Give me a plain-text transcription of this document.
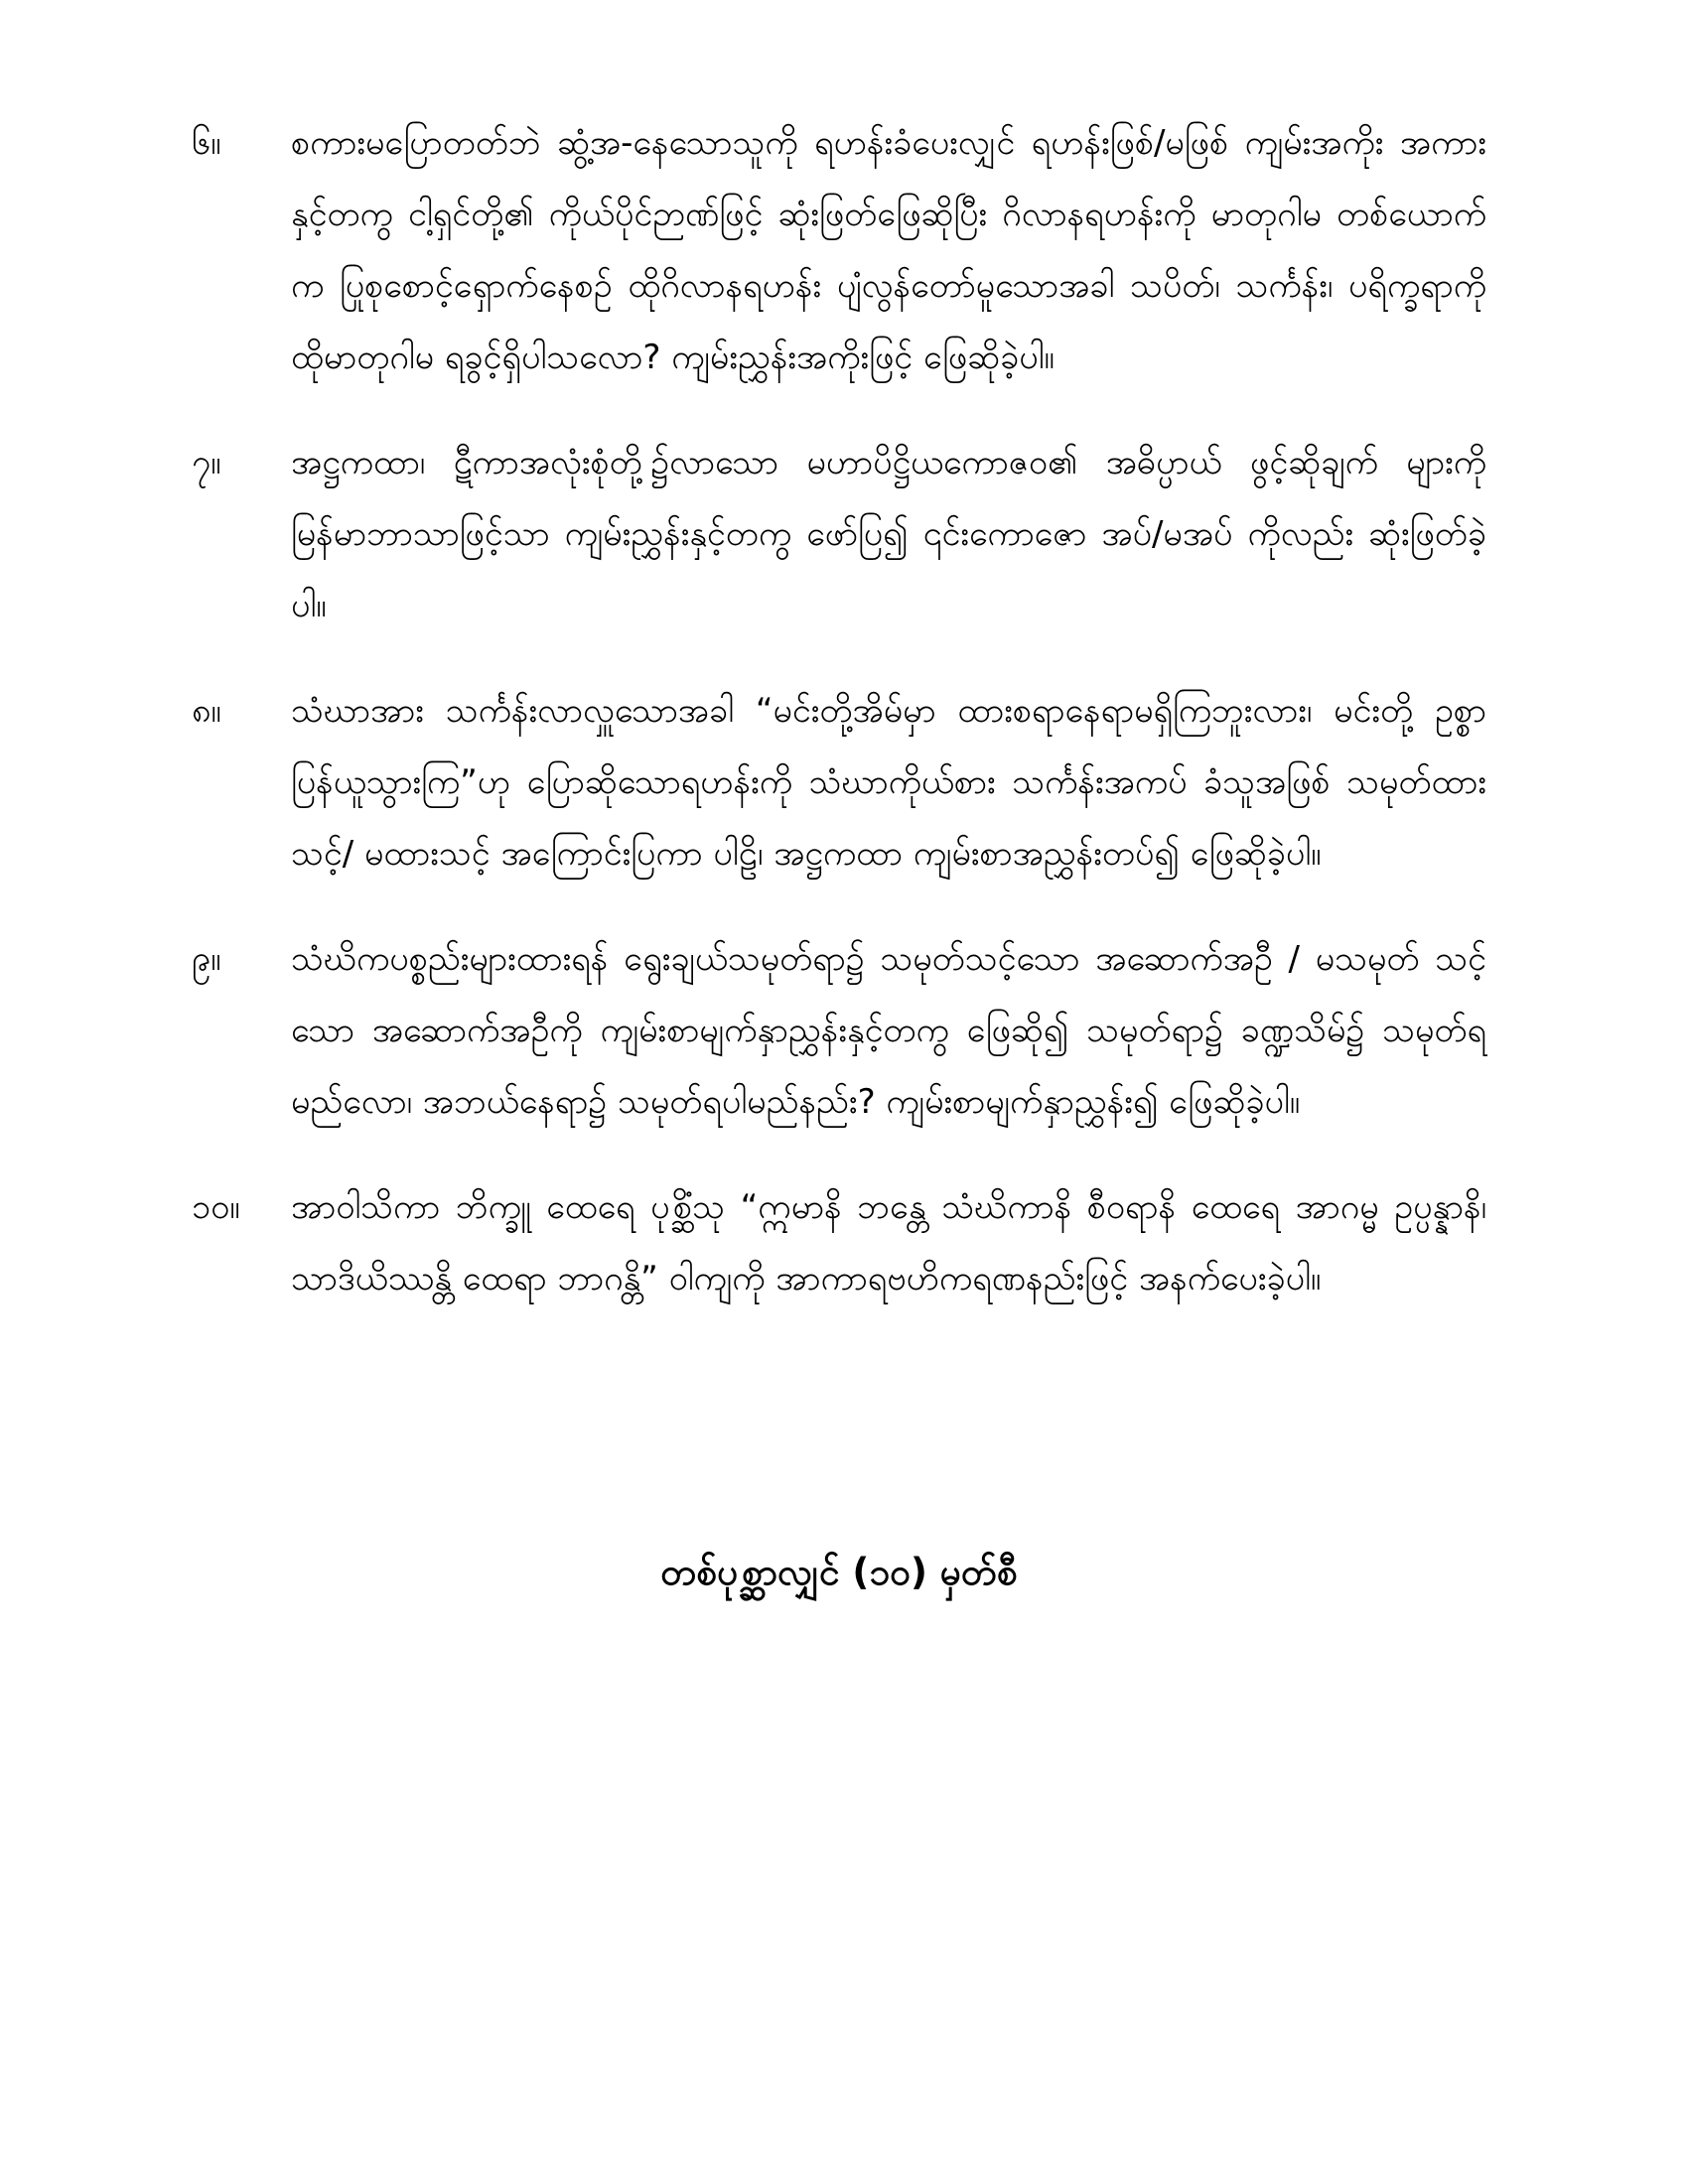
၆။	စကားမပြောတတ်ဘဲ ဆွံ့အ-နေသောသူကို ရဟန်းခံပေးလျှင် ရဟန်းဖြစ်/မဖြစ် ကျမ်းအကိုး အကားနှင့်တကွ ငါ့ရှင်တို့၏ ကိုယ်ပိုင်ဉာဏ်ဖြင့် ဆုံးဖြတ်ဖြေဆိုပြီး ဂိလာနရဟန်းကို မာတုဂါမ တစ်ယောက်က ပြုစုစောင့်ရှောက်နေစဉ် ထိုဂိလာနရဟန်း ပျံလွန်တော်မူသောအခါ သပိတ်၊ သင်္ကန်း၊ ပရိက္ခရာကို ထိုမာတုဂါမ ရခွင့်ရှိပါသလော? ကျမ်းညွှန်းအကိုးဖြင့် ဖြေဆိုခဲ့ပါ။
၇။	အဋ္ဌကထာ၊ ဋီကာအလုံးစုံတို့၌လာသော မဟာပိဋ္ဌိယကောဇဝ၏ အဓိပ္ပာယ် ဖွင့်ဆိုချက် များကို မြန်မာဘာသာဖြင့်သာ ကျမ်းညွှန်းနှင့်တကွ ဖော်ပြ၍ ၎င်းကောဇော အပ်/မအပ် ကိုလည်း ဆုံးဖြတ်ခဲ့ပါ။
၈။	သံဃာအား သင်္ကန်းလာလှူသောအခါ “မင်းတို့အိမ်မှာ ထားစရာနေရာမရှိကြဘူးလား၊ မင်းတို့ ဥစ္စာ ပြန်ယူသွားကြ”ဟု ပြောဆိုသောရဟန်းကို သံဃာကိုယ်စား သင်္ကန်းအကပ် ခံသူအဖြစ် သမုတ်ထားသင့်/ မထားသင့် အကြောင်းပြကာ ပါဠိ၊ အဋ္ဌကထာ ကျမ်းစာအညွှန်းတပ်၍ ဖြေဆိုခဲ့ပါ။
၉။	သံဃိကပစ္စည်းများထားရန် ရွေးချယ်သမုတ်ရာ၌ သမုတ်သင့်သော အဆောက်အဦ / မသမုတ် သင့်သော အဆောက်အဦကို ကျမ်းစာမျက်နှာညွှန်းနှင့်တကွ ဖြေဆို၍ သမုတ်ရာ၌ ခဏ္ဍသိမ်၌ သမုတ်ရမည်လော၊ အဘယ်နေရာ၌ သမုတ်ရပါမည်နည်း? ကျမ်းစာမျက်နှာညွှန်း၍ ဖြေဆိုခဲ့ပါ။
၁၀။	အာဝါသိကာ ဘိက္ခူ ထေရေ ပုစ္ဆိံသု “ဣမာနိ ဘန္တေ သံဃိကာနိ စီဝရာနိ ထေရေ အာဂမ္မ ဥပ္ပန္နာနိ၊ သာဒိယိဿန္တိ ထေရာ ဘာဂန္တိ” ဝါကျကို အာကာရဗဟိကရဏနည်းဖြင့် အနက်ပေးခဲ့ပါ။
တစ်ပုစ္ဆာလျှင် (၁၀) မှတ်စီ
